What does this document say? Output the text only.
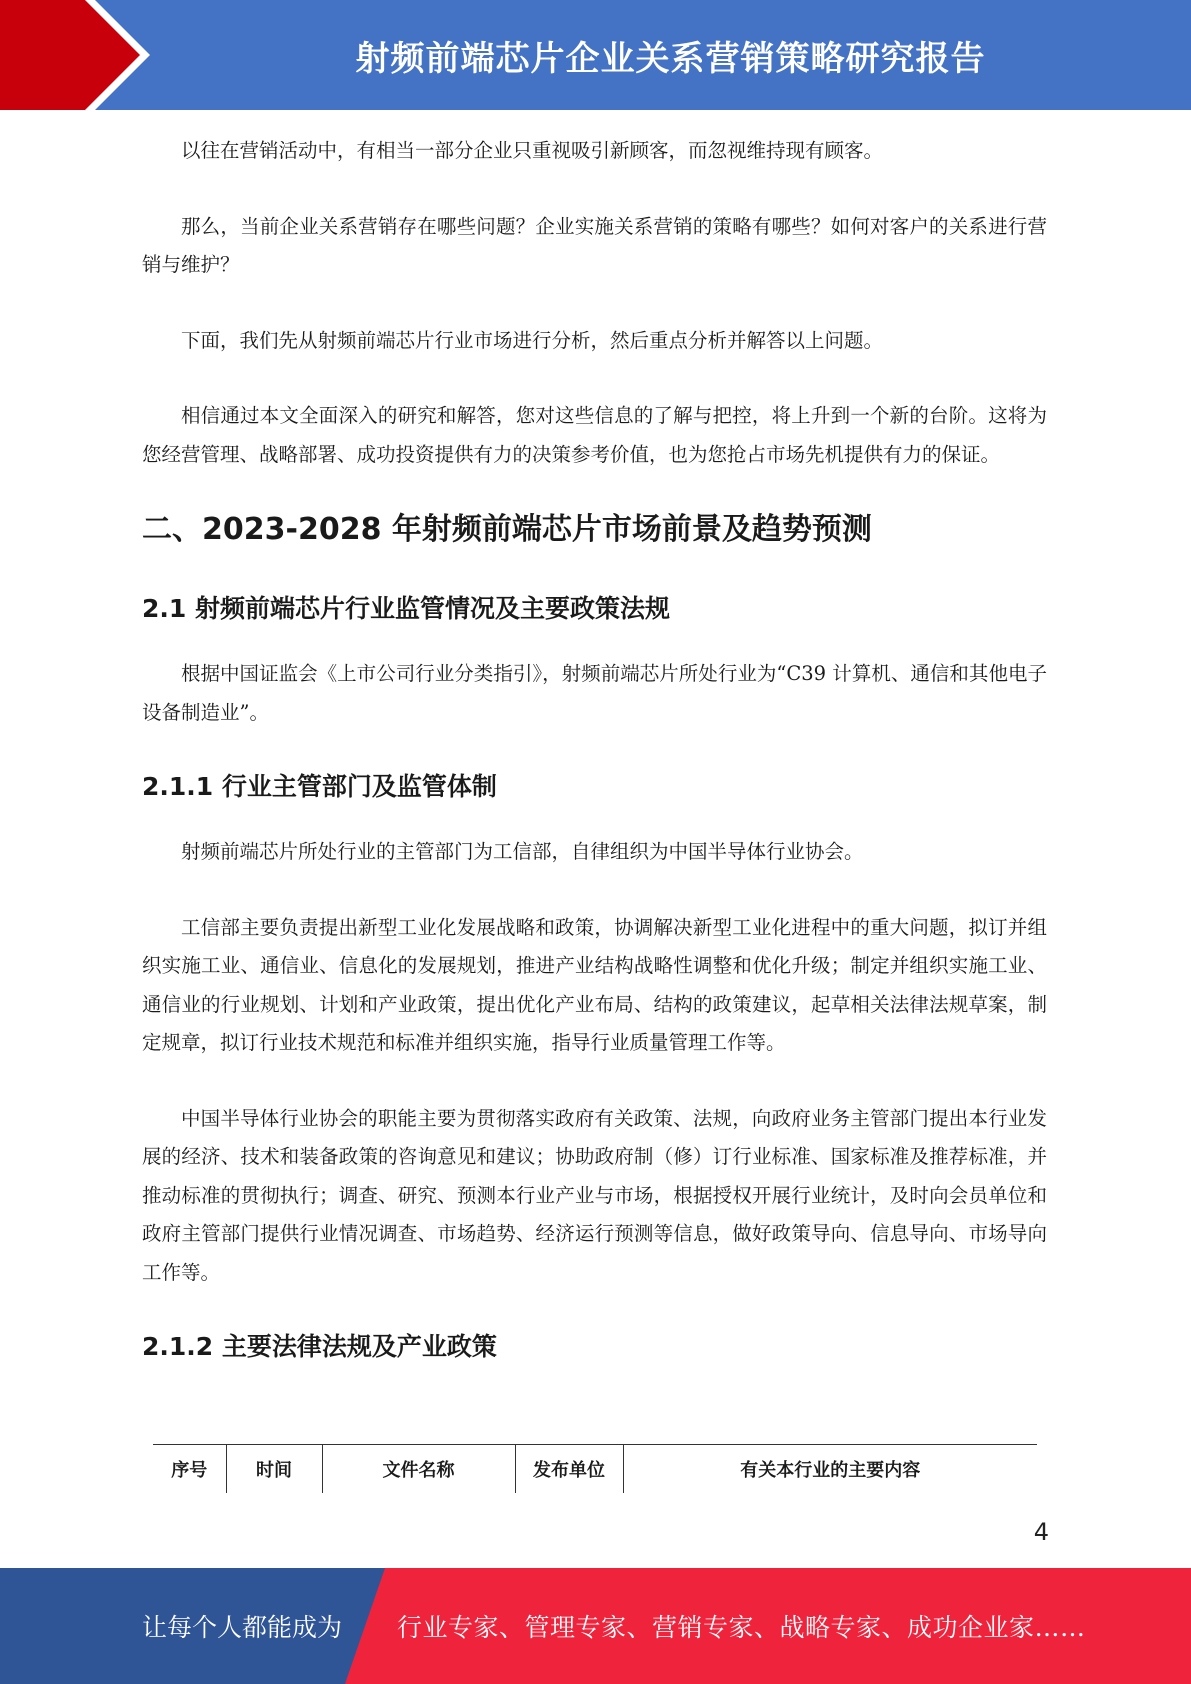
射频前端芯片企业关系营销策略研究报告

以往在营销活动中，有相当一部分企业只重视吸引新顾客，而忽视维持现有顾客。

那么，当前企业关系营销存在哪些问题？企业实施关系营销的策略有哪些？如何对客户的关系进行营销与维护？

下面，我们先从射频前端芯片行业市场进行分析，然后重点分析并解答以上问题。

相信通过本文全面深入的研究和解答，您对这些信息的了解与把控，将上升到一个新的台阶。这将为您经营管理、战略部署、成功投资提供有力的决策参考价值，也为您抢占市场先机提供有力的保证。

二、2023-2028 年射频前端芯片市场前景及趋势预测
2.1 射频前端芯片行业监管情况及主要政策法规

根据中国证监会《上市公司行业分类指引》，射频前端芯片所处行业为“C39 计算机、通信和其他电子设备制造业”。

2.1.1 行业主管部门及监管体制

射频前端芯片所处行业的主管部门为工信部，自律组织为中国半导体行业协会。

工信部主要负责提出新型工业化发展战略和政策，协调解决新型工业化进程中的重大问题，拟订并组织实施工业、通信业、信息化的发展规划，推进产业结构战略性调整和优化升级；制定并组织实施工业、通信业的行业规划、计划和产业政策，提出优化产业布局、结构的政策建议，起草相关法律法规草案，制定规章，拟订行业技术规范和标准并组织实施，指导行业质量管理工作等。

中国半导体行业协会的职能主要为贯彻落实政府有关政策、法规，向政府业务主管部门提出本行业发展的经济、技术和装备政策的咨询意见和建议；协助政府制（修）订行业标准、国家标准及推荐标准，并推动标准的贯彻执行；调查、研究、预测本行业产业与市场，根据授权开展行业统计，及时向会员单位和政府主管部门提供行业情况调查、市场趋势、经济运行预测等信息，做好政策导向、信息导向、市场导向工作等。

2.1.2 主要法律法规及产业政策
序号	时间	文件名称	发布单位	有关本行业的主要内容
4
让每个人都能成为 行业专家、管理专家、营销专家、战略专家、成功企业家……
